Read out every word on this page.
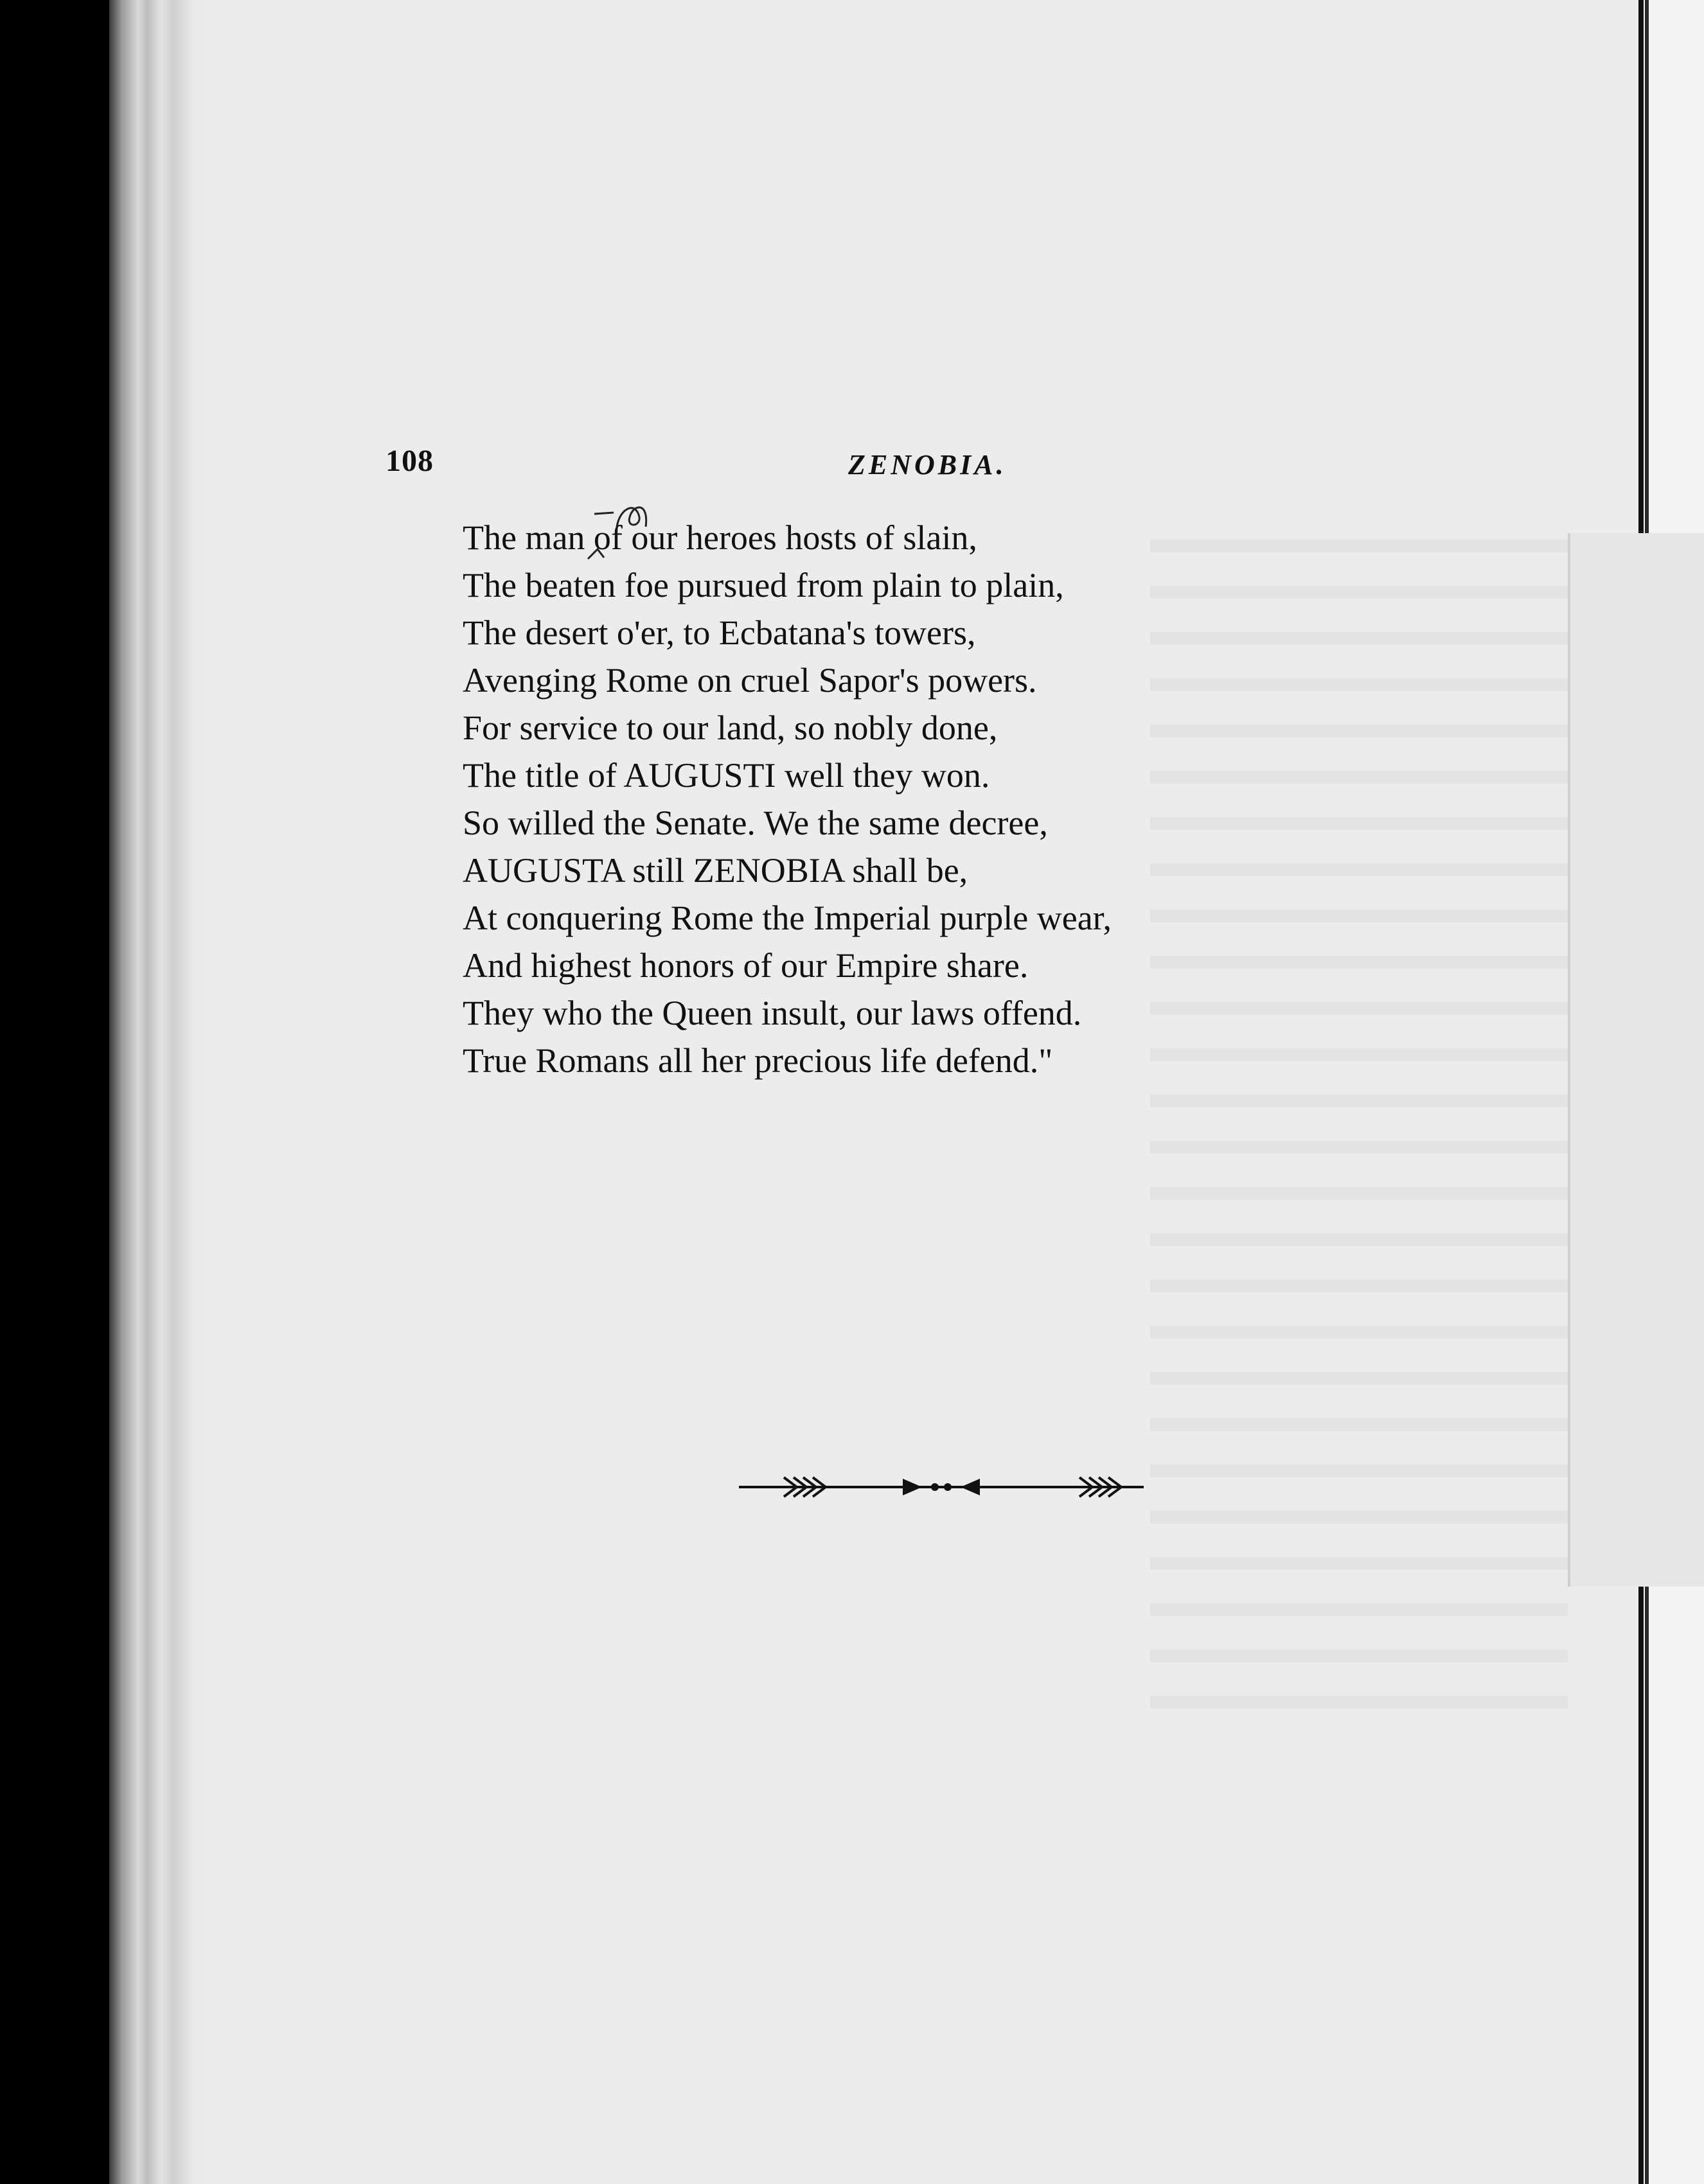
108	ZENOBIA.
The man of our heroes hosts of slain,
The beaten foe pursued from plain to plain,
The desert o'er, to Ecbatana's towers,
Avenging Rome on cruel Sapor's powers.
For service to our land, so nobly done,
The title of AUGUSTI well they won.
So willed the Senate. We the same decree,
AUGUSTA still ZENOBIA shall be,
At conquering Rome the Imperial purple wear,
And highest honors of our Empire share.
They who the Queen insult, our laws offend.
True Romans all her precious life defend."
